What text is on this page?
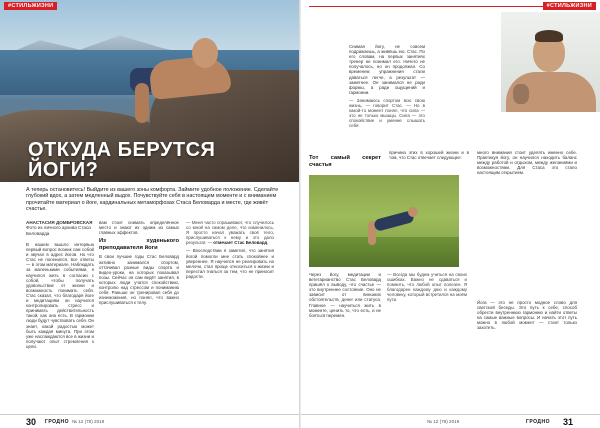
#СТИЛЬЖИЗНИ
ОТКУДА БЕРУТСЯ
ЙОГИ?
А теперь остановитесь! Выйдите из вашего зоны комфорта. Займите удобное положение. Сделайте глубокий вдох, а затем медленный выдох. Почувствуйте себя в настоящем моменте и с вниманием прочитайте материал о йоге, кардинальных метаморфозах Стаса Беловарда и месте, где живёт счастье.
АНАСТАСИЯ ДОМБРОВСКАЯ
Фото из личного архива Стаса Беловарда

В нашем вышло интервью первый вопрос возник сам собой и звучал в адрес йогов. Но что Стас не поленился, все ответы — в этом материале. Наблюдать за маленькими событиями, я научился жить в согласии с собой, чтобы получать удовольствие от жизни и возможность понимать себя. Стаc сказал, что благодаря йоге и медитациям он научился контролировать стресс и принимать действительность такой, как она есть. В гармонии люди будут чувствовать себя. Он знает, какой радостью может быть каждая минута. При этом уже наслаждаются все в жизни и получают опыт стремления к цели.

вам стоит снимать определённое место и знают их одним из самых главных эффектов.

Из худенького преподавателя йоги

В свои лучшие годы Стас Беловард активно занимался спортом, оттачивал разные виды спорта и видео-уроки, на которых показывал позы. Сейчас он сам ведёт занятия, в которых люди учатся спокойствию, контролю над стрессом и пониманию себя. Раньше он тренировал себя до изнеможения, но понял, что важно прислушиваться к телу.

— Меня часто спрашивают, что случилось со мной на самом деле, что изменилось. Я просто начал уважать своё тело, прислушиваться к нему и это дало результат. — отмечает Стас Беловард.

— Впоследствии я заметил, что занятия йогой помогли мне стать спокойнее и увереннее. Я научился не реагировать на мелочи, стал проще относиться к жизни и перестал гнаться за тем, что не приносит радости.

30 ГРОДНО № 12 (78) 2019
#СТИЛЬЖИЗНИ

Снимая йогу, не совсем подражаешь, а живёшь ею. Стас. По его словам, на первых занятиях тренер не понимал его. Ничего не получалось, но он продолжал. Со временем упражнения стали даваться легче, а результат — заметнее. Он занимался не ради формы, а ради ощущений и гармонии.

— Занимаюсь спортом всю свою жизнь, — говорит Стас. — Но в какой-то момент понял, что сила — это не только мышцы. Сила — это спокойствие и умение слышать себя.

Тот самый секрет счастья

Через йогу, медитации и вегетарианство Стас Беловард пришёл к выводу, что счастье — это внутреннее состояние. Оно не зависит от внешних обстоятельств, денег или статуса. Главное — научиться жить в моменте, ценить то, что есть, и не бояться перемен.

причина этих в хорошей жизни и в том, что Стас отвечает следующее:

— Всегда мы будем учиться на своих ошибках. Важно не сдаваться и помнить, что любой опыт полезен. Я благодарен каждому дню и каждому человеку, который встретился на моём пути.

много внимания стоит уделять именно себе. Практикуя йогу, он научился находить баланс между работой и отдыхом, между желаниями и возможностями. Для Стаса это стало настоящим открытием.

Йога — это не просто модное слово для светской беседы. Это путь к себе, способ обрести внутреннюю гармонию и найти ответы на самые важные вопросы. И начать этот путь можно в любой момент — стоит только захотеть.

№ 12 (78) 2019	ГРОДНО 31
